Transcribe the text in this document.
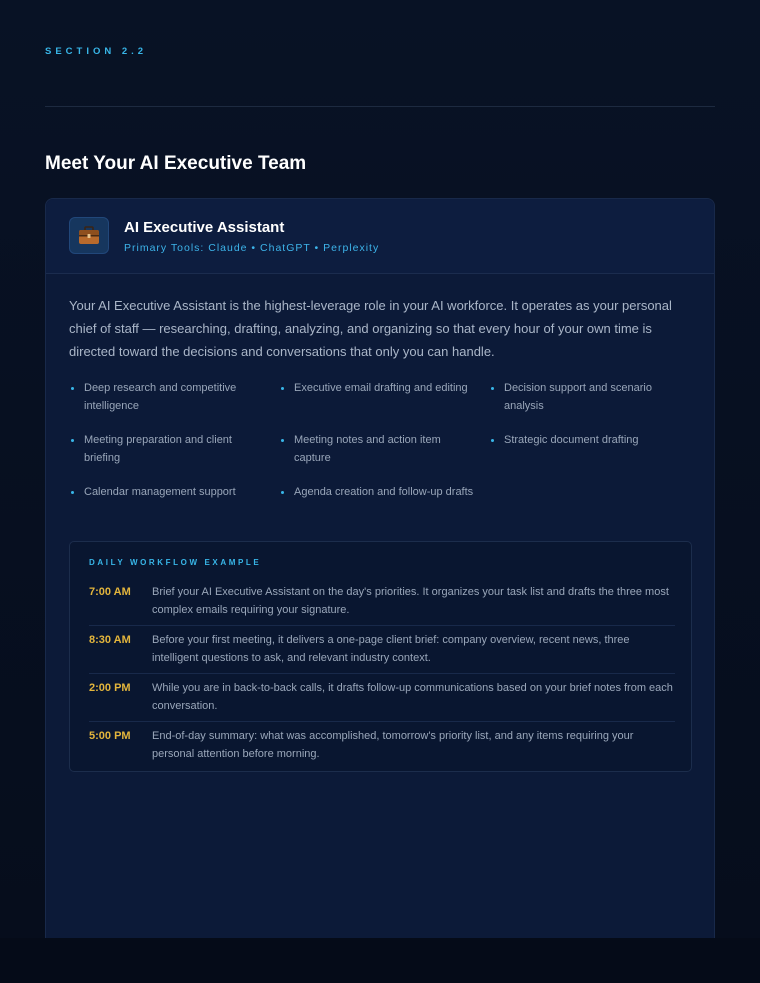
SECTION 2.2
Meet Your AI Executive Team
AI Executive Assistant
Primary Tools: Claude • ChatGPT • Perplexity

Your AI Executive Assistant is the highest-leverage role in your AI workforce. It operates as your personal chief of staff — researching, drafting, analyzing, and organizing so that every hour of your own time is directed toward the decisions and conversations that only you can handle.

Deep research and competitive intelligence
Executive email drafting and editing	Decision support and scenario analysis
Meeting preparation and client briefing
Meeting notes and action item capture
Strategic document drafting
Calendar management support	Agenda creation and follow-up drafts
DAILY WORKFLOW EXAMPLE
7:00 AM	Brief your AI Executive Assistant on the day's priorities. It organizes your task list and drafts the three most complex emails requiring your signature.
8:30 AM	Before your first meeting, it delivers a one-page client brief: company overview, recent news, three intelligent questions to ask, and relevant industry context.
2:00 PM	While you are in back-to-back calls, it drafts follow-up communications based on your brief notes from each conversation.
5:00 PM	End-of-day summary: what was accomplished, tomorrow's priority list, and any items requiring your personal attention before morning.
